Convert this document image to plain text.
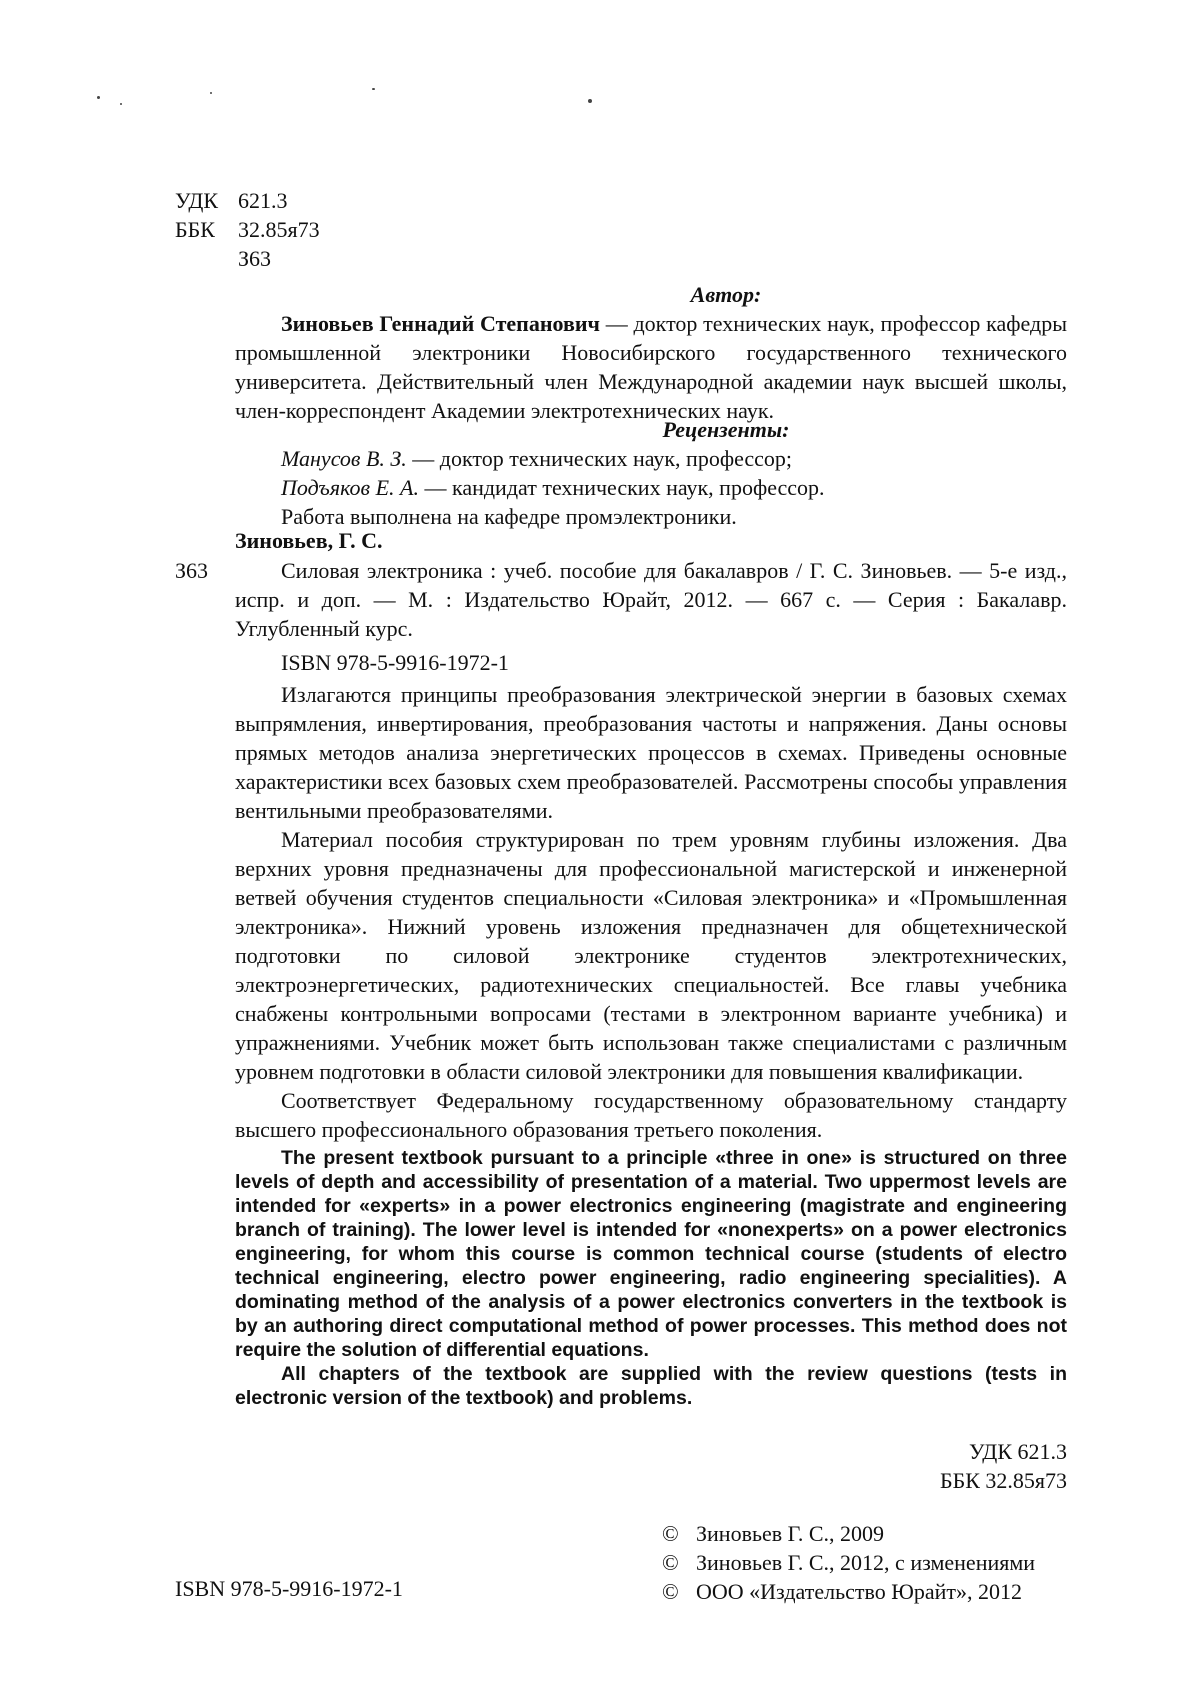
УДК 621.3
ББК 32.85я73
З63
Автор:

Зиновьев Геннадий Степанович — доктор технических наук, профессор кафедры промышленной электроники Новосибирского государственного технического университета. Действительный член Международной академии наук высшей школы, член-корреспондент Академии электротехнических наук.

Рецензенты:
Манусов В. З. — доктор технических наук, профессор;
Подъяков Е. А. — кандидат технических наук, профессор.
Работа выполнена на кафедре промэлектроники.
Зиновьев, Г. С.
З63	Силовая электроника : учеб. пособие для бакалавров / Г. С. Зиновьев. — 5-е изд., испр. и доп. — М. : Издательство Юрайт, 2012. — 667 с. — Серия : Бакалавр. Углубленный курс.

ISBN 978-5-9916-1972-1

Излагаются принципы преобразования электрической энергии в базовых схемах выпрямления, инвертирования, преобразования частоты и напряжения. Даны основы прямых методов анализа энергетических процессов в схемах. Приведены основные характеристики всех базовых схем преобразователей. Рассмотрены способы управления вентильными преобразователями.

Материал пособия структурирован по трем уровням глубины изложения. Два верхних уровня предназначены для профессиональной магистерской и инженерной ветвей обучения студентов специальности «Силовая электроника» и «Промышленная электроника». Нижний уровень изложения предназначен для общетехнической подготовки по силовой электронике студентов электротехнических, электроэнергетических, радиотехнических специальностей. Все главы учебника снабжены контрольными вопросами (тестами в электронном варианте учебника) и упражнениями. Учебник может быть использован также специалистами с различным уровнем подготовки в области силовой электроники для повышения квалификации.

Соответствует Федеральному государственному образовательному стандарту высшего профессионального образования третьего поколения.

The present textbook pursuant to a principle «three in one» is structured on three levels of depth and accessibility of presentation of a material. Two uppermost levels are intended for «experts» in a power electronics engineering (magistrate and engineering branch of training). The lower level is intended for «nonexperts» on a power electronics engineering, for whom this course is common technical course (students of electro technical engineering, electro power engineering, radio engineering specialities). A dominating method of the analysis of a power electronics converters in the textbook is by an authoring direct computational method of power processes. This method does not require the solution of differential equations.

All chapters of the textbook are supplied with the review questions (tests in electronic version of the textbook) and problems.

УДК 621.3
ББК 32.85я73
ISBN 978-5-9916-1972-1
© Зиновьев Г. С., 2009
© Зиновьев Г. С., 2012, с изменениями
© ООО «Издательство Юрайт», 2012
